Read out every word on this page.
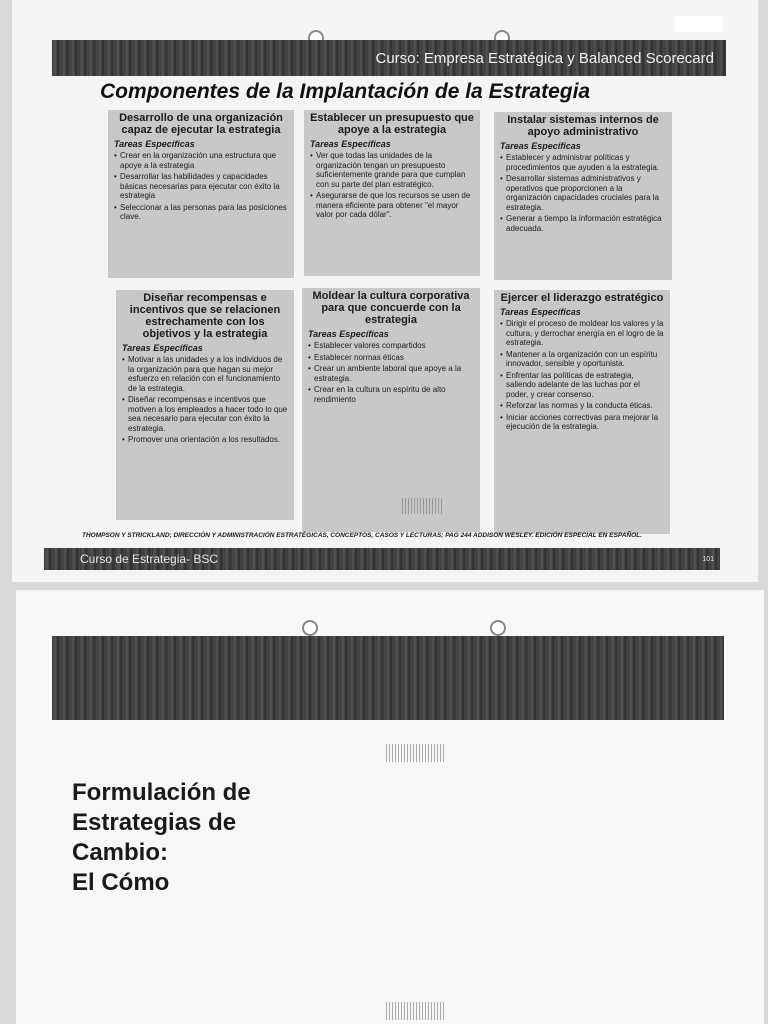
Curso: Empresa Estratégica y Balanced Scorecard
Componentes de la Implantación de la Estrategia
Desarrollo de una organización capaz de ejecutar la estrategia
Tareas Específicas
• Crear en la organización una estructura que apoye a la estrategia
• Desarrollar las habilidades y capacidades básicas necesarias para ejecutar con éxito la estrategia
• Seleccionar a las personas para las posiciones clave.
Establecer un presupuesto que apoye a la estrategia
Tareas Específicas
• Ver que todas las unidades de la organización tengan un presupuesto suficientemente grande para que cumplan con su parte del plan estratégico.
• Asegurarse de que los recursos se usen de manera eficiente para obtener "el mayor valor por cada dólar".
Instalar sistemas internos de apoyo administrativo
Tareas Específicas
• Establecer y administrar políticas y procedimientos que ayuden a la estrategia.
• Desarrollar sistemas administrativos y operativos que proporcionen a la organización capacidades cruciales para la estrategia.
• Generar a tiempo la información estratégica adecuada.
Diseñar recompensas e incentivos que se relacionen estrechamente con los objetivos y la estrategia
Tareas Específicas
• Motivar a las unidades y a los individuos de la organización para que hagan su mejor esfuerzo en relación con el funcionamiento de la estrategia.
• Diseñar recompensas e incentivos que motiven a los empleados a hacer todo lo que sea necesario para ejecutar con éxito la estrategia.
• Promover una orientación a los resultados.
Moldear la cultura corporativa para que concuerde con la estrategia
Tareas Específicas
• Establecer valores compartidos
• Establecer normas éticas
• Crear un ambiente laboral que apoye a la estrategia.
• Crear en la cultura un espíritu de alto rendimiento
Ejercer el liderazgo estratégico
Tareas Específicas
• Dirigir el proceso de moldear los valores y la cultura, y derrochar energía en el logro de la estrategia.
• Mantener a la organización con un espíritu innovador, sensible y oportunista.
• Enfrentar las políticas de estrategia, saliendo adelante de las luchas por el poder, y crear consenso.
• Reforzar las normas y la conducta éticas.
• Iniciar acciones correctivas para mejorar la ejecución de la estrategia.
THOMPSON Y STRICKLAND; DIRECCIÓN Y ADMINISTRACIÓN ESTRATÉGICAS, CONCEPTOS, CASOS Y LECTURAS; PAG 244 ADDISON WESLEY. EDICIÓN ESPECIAL EN ESPAÑOL.
Curso de Estrategia- BSC	101
Formulación de
Estrategias de
Cambio:
El Cómo
